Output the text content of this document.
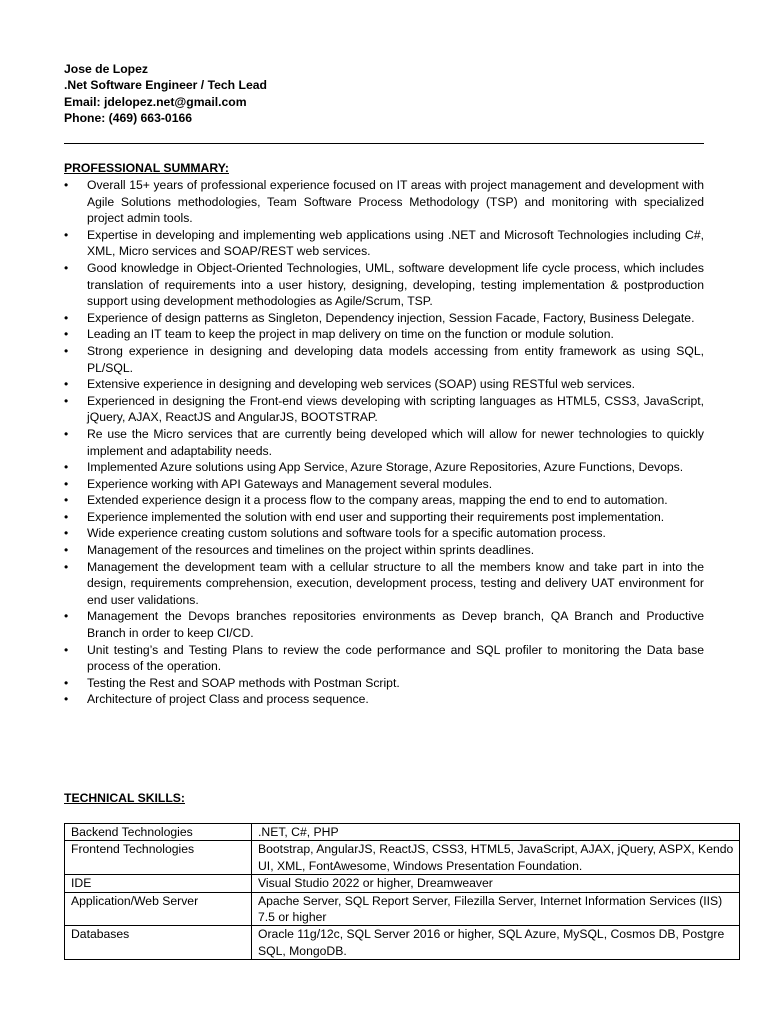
Jose de Lopez
.Net Software Engineer / Tech Lead
Email: jdelopez.net@gmail.com
Phone: (469) 663-0166
PROFESSIONAL SUMMARY:
• Overall 15+ years of professional experience focused on IT areas with project management and development with Agile Solutions methodologies, Team Software Process Methodology (TSP) and monitoring with specialized project admin tools.
• Expertise in developing and implementing web applications using .NET and Microsoft Technologies including C#, XML, Micro services and SOAP/REST web services.
• Good knowledge in Object-Oriented Technologies, UML, software development life cycle process, which includes translation of requirements into a user history, designing, developing, testing implementation & postproduction support using development methodologies as Agile/Scrum, TSP.
• Experience of design patterns as Singleton, Dependency injection, Session Facade, Factory, Business Delegate.
• Leading an IT team to keep the project in map delivery on time on the function or module solution.
• Strong experience in designing and developing data models accessing from entity framework as using SQL, PL/SQL.
• Extensive experience in designing and developing web services (SOAP) using RESTful web services.
• Experienced in designing the Front-end views developing with scripting languages as HTML5, CSS3, JavaScript, jQuery, AJAX, ReactJS and AngularJS, BOOTSTRAP.
• Re use the Micro services that are currently being developed which will allow for newer technologies to quickly implement and adaptability needs.
• Implemented Azure solutions using App Service, Azure Storage, Azure Repositories, Azure Functions, Devops.
• Experience working with API Gateways and Management several modules.
• Extended experience design it a process flow to the company areas, mapping the end to end to automation.
• Experience implemented the solution with end user and supporting their requirements post implementation.
• Wide experience creating custom solutions and software tools for a specific automation process.
• Management of the resources and timelines on the project within sprints deadlines.
• Management the development team with a cellular structure to all the members know and take part in into the design, requirements comprehension, execution, development process, testing and delivery UAT environment for end user validations.
• Management the Devops branches repositories environments as Devep branch, QA Branch and Productive Branch in order to keep CI/CD.
• Unit testing’s and Testing Plans to review the code performance and SQL profiler to monitoring the Data base process of the operation.
• Testing the Rest and SOAP methods with Postman Script.
• Architecture of project Class and process sequence.
TECHNICAL SKILLS:
Backend Technologies	.NET, C#, PHP
Frontend Technologies	Bootstrap, AngularJS, ReactJS, CSS3, HTML5, JavaScript, AJAX, jQuery, ASPX, Kendo UI, XML, FontAwesome, Windows Presentation Foundation.
IDE	Visual Studio 2022 or higher, Dreamweaver
Application/Web Server	Apache Server, SQL Report Server, Filezilla Server, Internet Information Services (IIS) 7.5 or higher
Databases	Oracle 11g/12c, SQL Server 2016 or higher, SQL Azure, MySQL, Cosmos DB, Postgre SQL, MongoDB.
